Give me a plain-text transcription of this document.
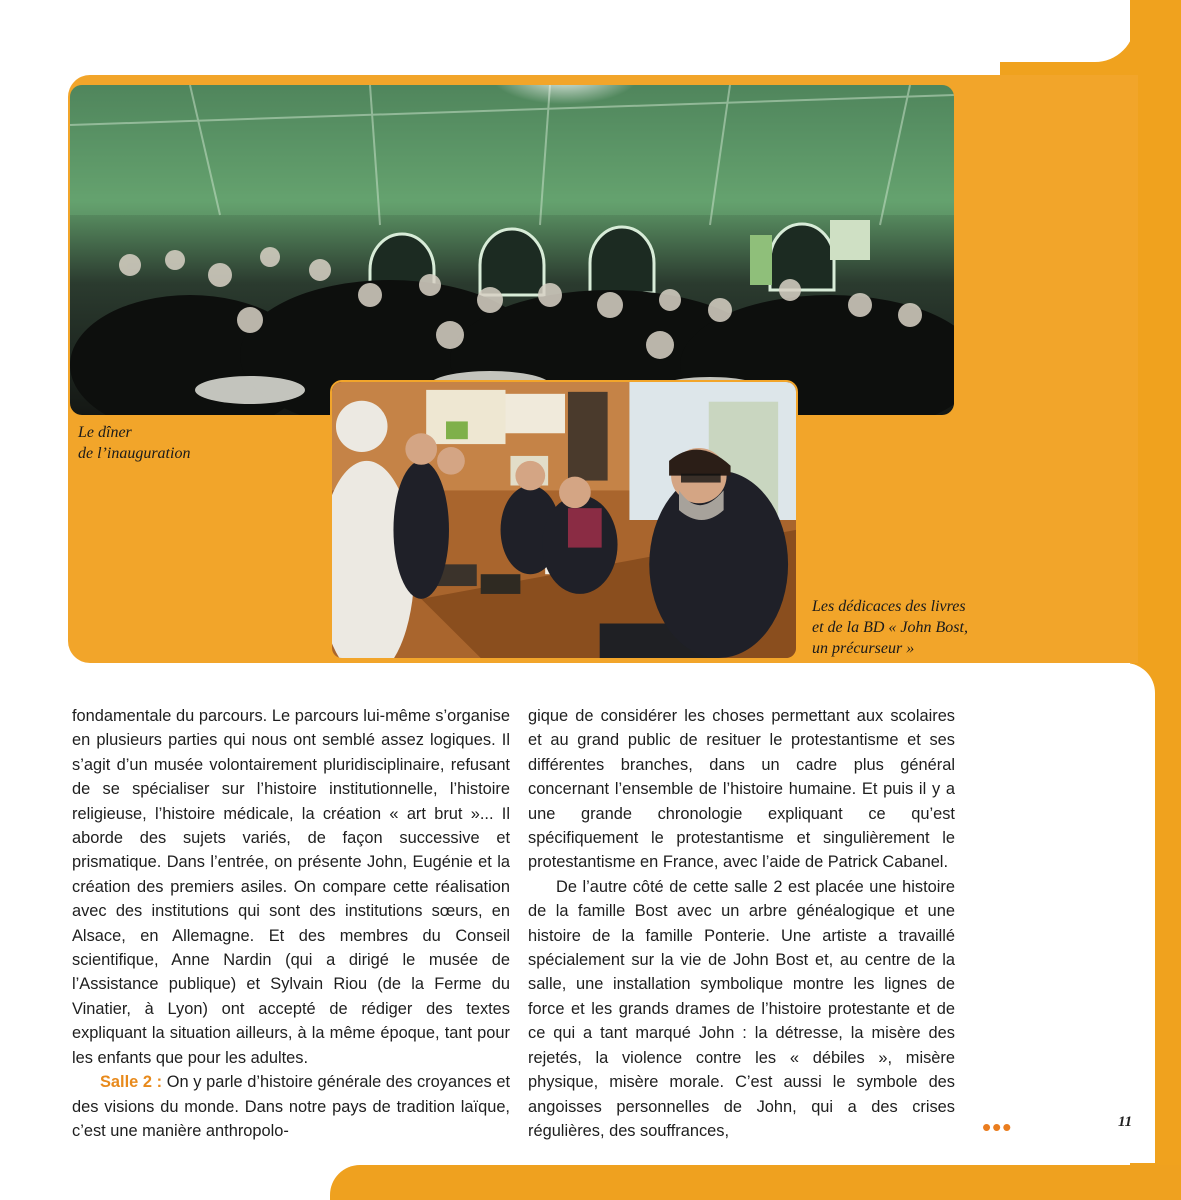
Le dîner
de l’inauguration
Les dédicaces des livres
et de la BD « John Bost,
un précurseur »

fondamentale du parcours. Le parcours lui-même s’organise en plusieurs parties qui nous ont semblé assez logiques. Il s’agit d’un musée volontairement pluridisciplinaire, refusant de se spécialiser sur l’histoire institutionnelle, l’histoire religieuse, l’histoire médicale, la création « art brut »... Il aborde des sujets variés, de façon successive et prismatique. Dans l’entrée, on présente John, Eugénie et la création des premiers asiles. On compare cette réalisation avec des institutions qui sont des institutions sœurs, en Alsace, en Allemagne. Et des membres du Conseil scientifique, Anne Nardin (qui a dirigé le musée de l’Assistance publique) et Sylvain Riou (de la Ferme du Vinatier, à Lyon) ont accepté de rédiger des textes expliquant la situation ailleurs, à la même époque, tant pour les enfants que pour les adultes.

Salle 2 : On y parle d’histoire générale des croyances et des visions du monde. Dans notre pays de tradition laïque, c’est une manière anthropolo-

gique de considérer les choses permettant aux scolaires et au grand public de resituer le protestantisme et ses différentes branches, dans un cadre plus général concernant l’ensemble de l’histoire humaine. Et puis il y a une grande chronologie expliquant ce qu’est spécifiquement le protestantisme et singulièrement le protestantisme en France, avec l’aide de Patrick Cabanel.

De l’autre côté de cette salle 2 est placée une histoire de la famille Bost avec un arbre généalogique et une histoire de la famille Ponterie. Une artiste a travaillé spécialement sur la vie de John Bost et, au centre de la salle, une installation symbolique montre les lignes de force et les grands drames de l’histoire protestante et de ce qui a tant marqué John : la détresse, la misère des rejetés, la violence contre les « débiles », misère physique, misère morale. C’est aussi le symbole des angoisses personnelles de John, qui a des crises régulières, des souffrances,	•••	11
